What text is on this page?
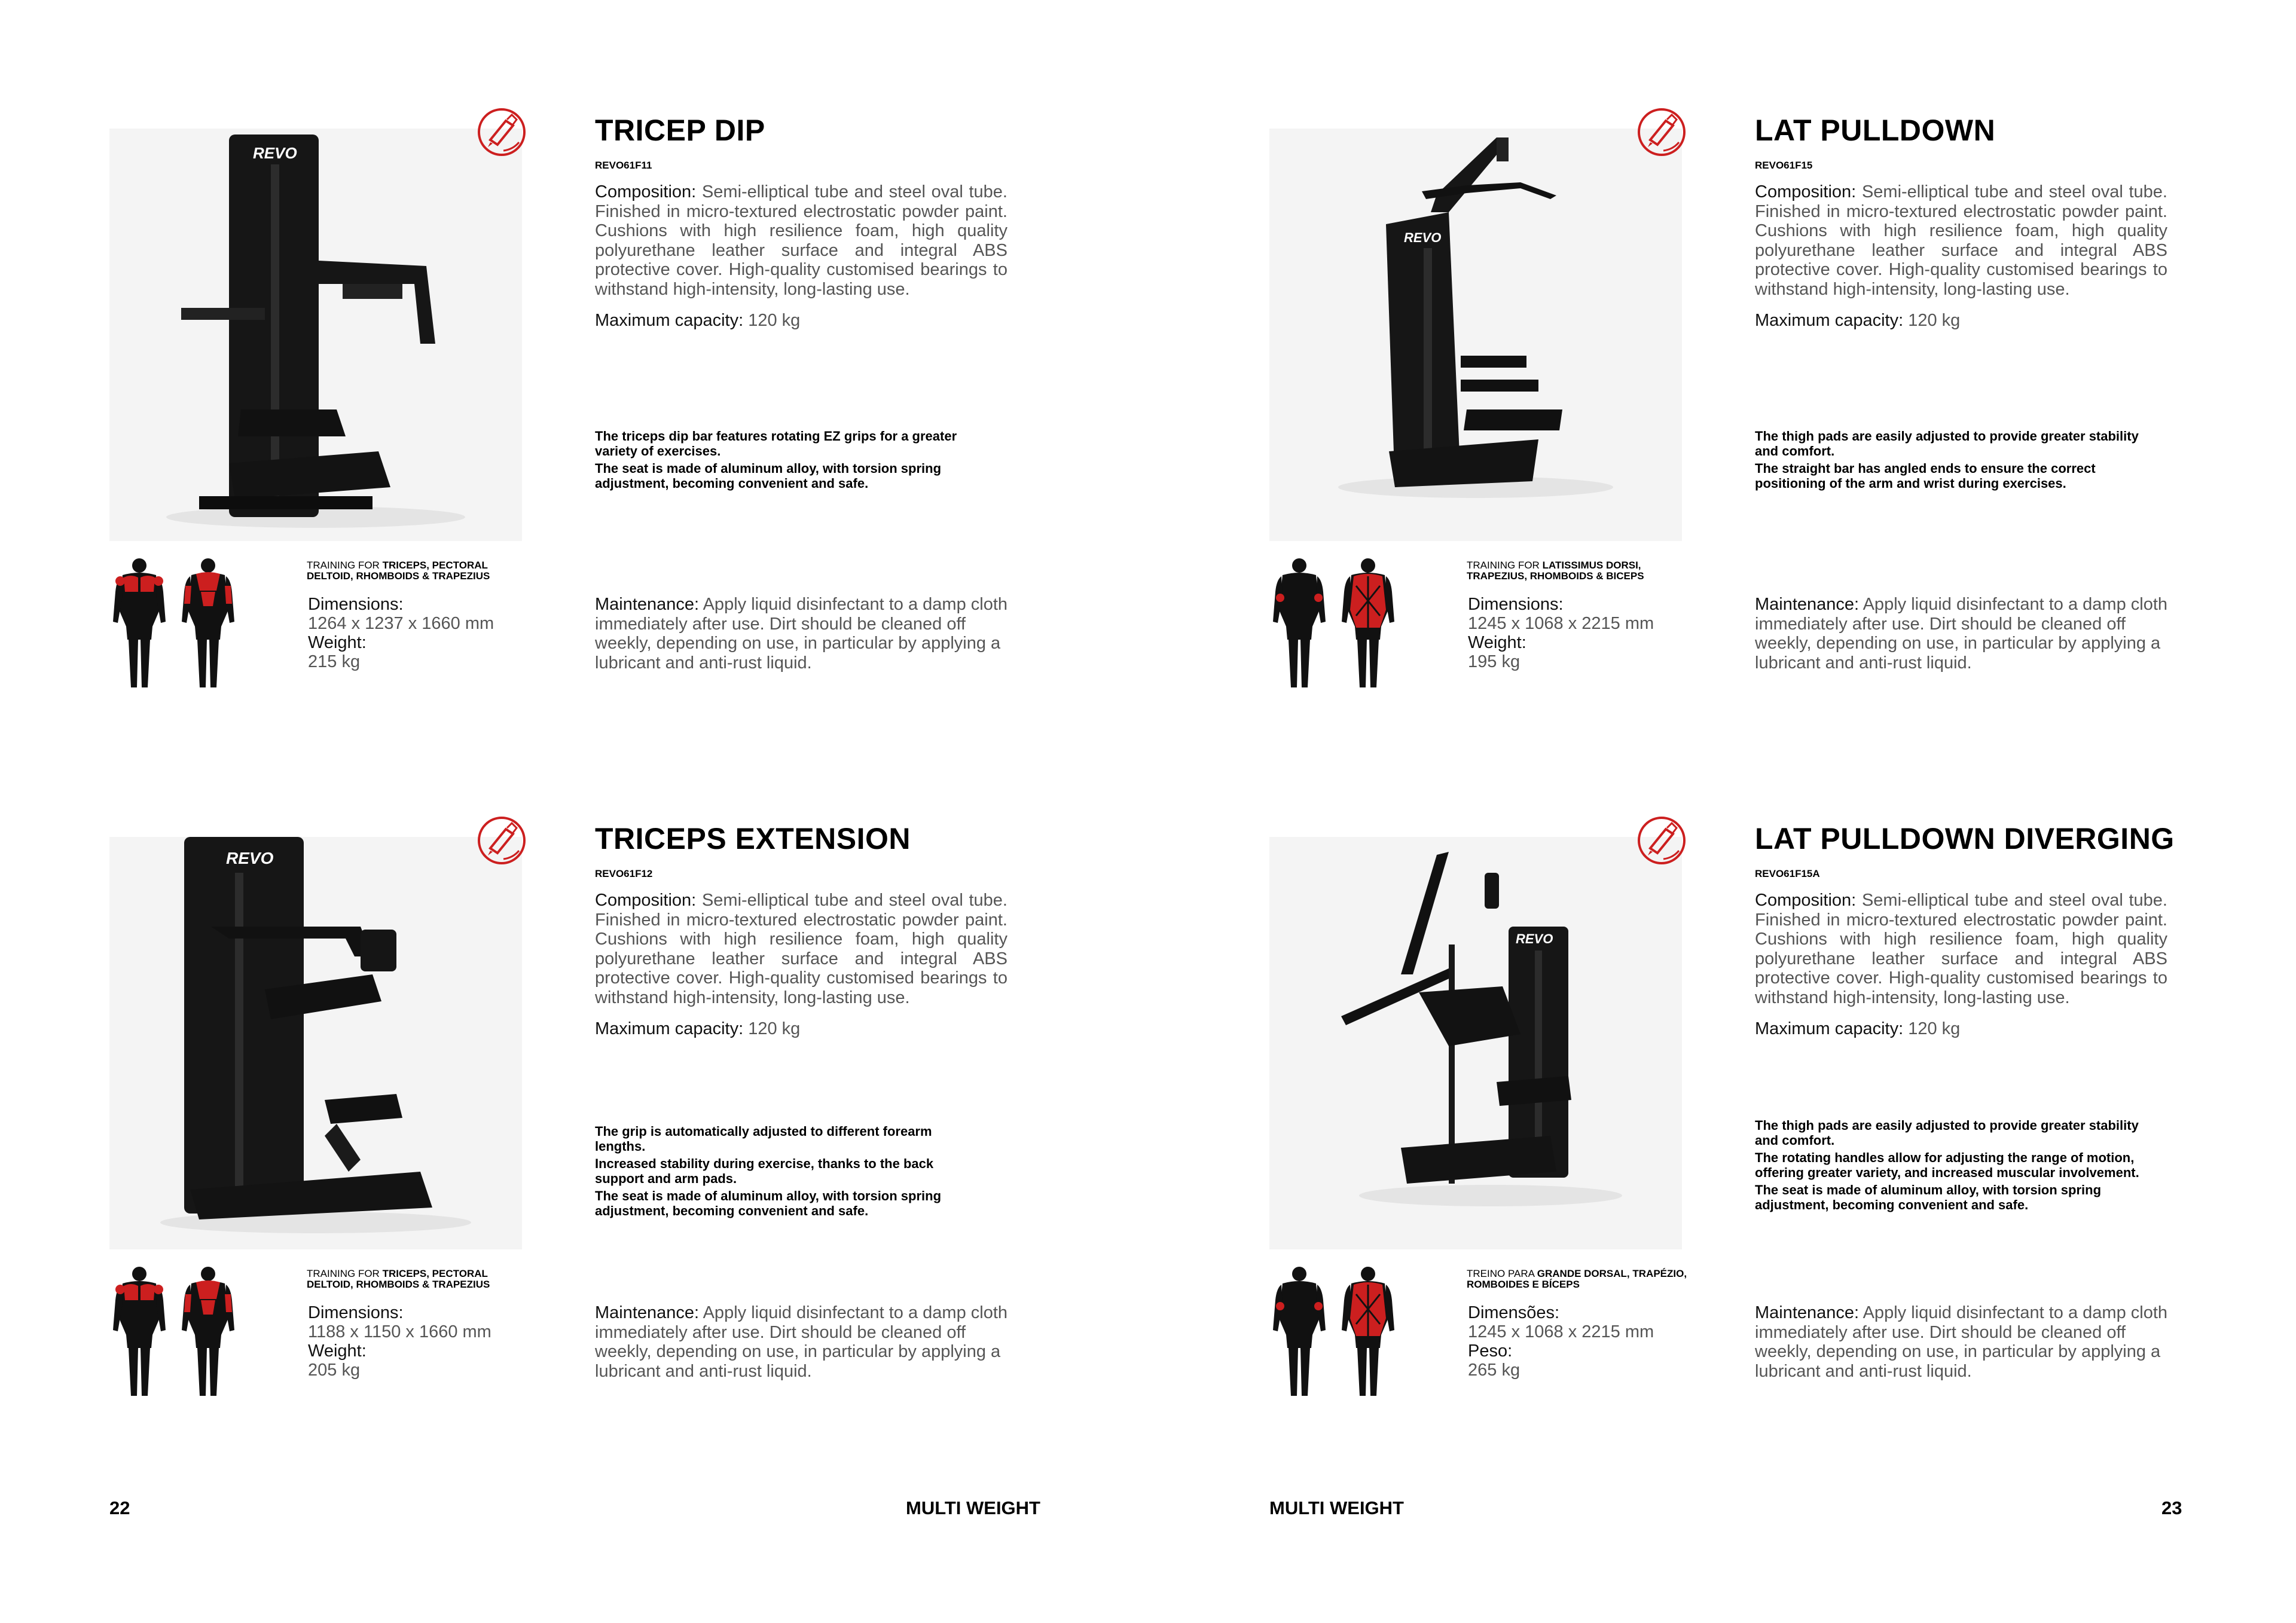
REVO
TRICEP DIP
REVO61F11
Composition: Semi-elliptical tube and steel oval tube. Finished in micro-textured electrostatic powder paint. Cushions with high resilience foam, high quality polyurethane leather surface and integral ABS protective cover. High-quality customised bearings to withstand high-intensity, long-lasting use.
Maximum capacity: 120 kg

The triceps dip bar features rotating EZ grips for a greater variety of exercises.

The seat is made of aluminum alloy, with torsion spring adjustment, becoming convenient and safe.

TRAINING FOR TRICEPS, PECTORAL DELTOID, RHOMBOIDS & TRAPEZIUS
Dimensions:
1264 x 1237 x 1660 mm
Weight:
215 kg
Maintenance: Apply liquid disinfectant to a damp cloth immediately after use. Dirt should be cleaned off weekly, depending on use, in particular by applying a lubricant and anti-rust liquid.
REVO
LAT PULLDOWN
REVO61F15
Composition: Semi-elliptical tube and steel oval tube. Finished in micro-textured electrostatic powder paint. Cushions with high resilience foam, high quality polyurethane leather surface and integral ABS protective cover. High-quality customised bearings to withstand high-intensity, long-lasting use.
Maximum capacity: 120 kg

The thigh pads are easily adjusted to provide greater stability and comfort.

The straight bar has angled ends to ensure the correct positioning of the arm and wrist during exercises.

TRAINING FOR LATISSIMUS DORSI, TRAPEZIUS, RHOMBOIDS & BICEPS
Dimensions:
1245 x 1068 x 2215 mm
Weight:
195 kg
Maintenance: Apply liquid disinfectant to a damp cloth immediately after use. Dirt should be cleaned off weekly, depending on use, in particular by applying a lubricant and anti-rust liquid.
REVO
TRICEPS EXTENSION
REVO61F12
Composition: Semi-elliptical tube and steel oval tube. Finished in micro-textured electrostatic powder paint. Cushions with high resilience foam, high quality polyurethane leather surface and integral ABS protective cover. High-quality customised bearings to withstand high-intensity, long-lasting use.
Maximum capacity: 120 kg

The grip is automatically adjusted to different forearm lengths.

Increased stability during exercise, thanks to the back support and arm pads.

The seat is made of aluminum alloy, with torsion spring adjustment, becoming convenient and safe.

TRAINING FOR TRICEPS, PECTORAL DELTOID, RHOMBOIDS & TRAPEZIUS
Dimensions:
1188 x 1150 x 1660 mm
Weight:
205 kg
Maintenance: Apply liquid disinfectant to a damp cloth immediately after use. Dirt should be cleaned off weekly, depending on use, in particular by applying a lubricant and anti-rust liquid.
REVO
LAT PULLDOWN DIVERGING
REVO61F15A
Composition: Semi-elliptical tube and steel oval tube. Finished in micro-textured electrostatic powder paint. Cushions with high resilience foam, high quality polyurethane leather surface and integral ABS protective cover. High-quality customised bearings to withstand high-intensity, long-lasting use.
Maximum capacity: 120 kg

The thigh pads are easily adjusted to provide greater stability and comfort.

The rotating handles allow for adjusting the range of motion, offering greater variety, and increased muscular involvement.

The seat is made of aluminum alloy, with torsion spring adjustment, becoming convenient and safe.

TREINO PARA GRANDE DORSAL, TRAPÉZIO, ROMBOIDES E BÍCEPS
Dimensões:
1245 x 1068 x 2215 mm
Peso:
265 kg
Maintenance: Apply liquid disinfectant to a damp cloth immediately after use. Dirt should be cleaned off weekly, depending on use, in particular by applying a lubricant and anti-rust liquid.
22	MULTI WEIGHT	MULTI WEIGHT	23
